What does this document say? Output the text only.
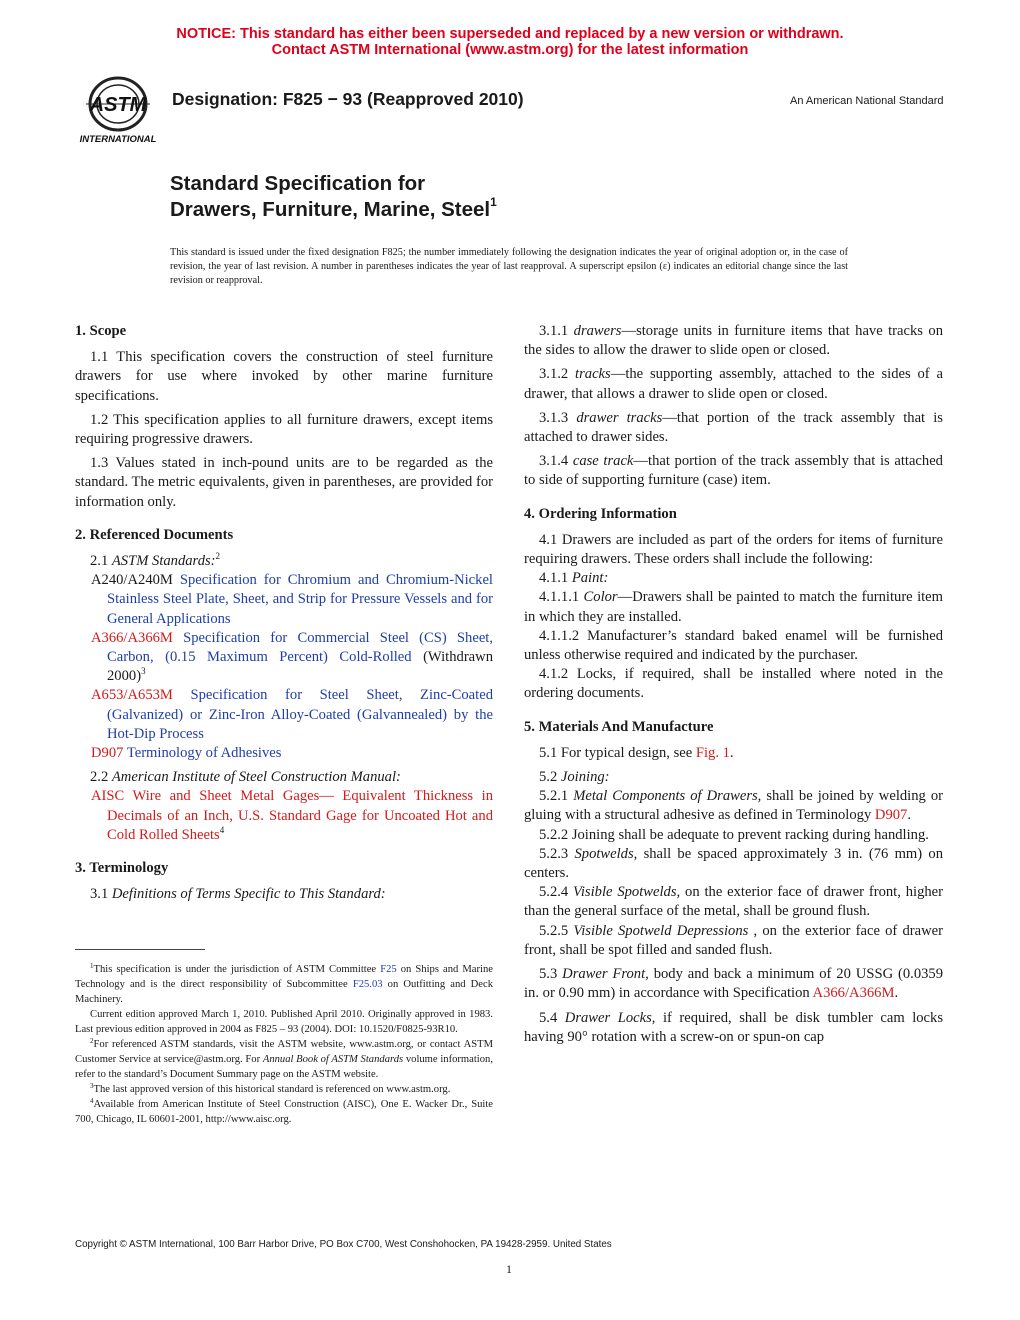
NOTICE: This standard has either been superseded and replaced by a new version or withdrawn.
Contact ASTM International (www.astm.org) for the latest information
ASTM
INTERNATIONAL
Designation: F825 − 93 (Reapproved 2010)	An American National Standard
Standard Specification for
Drawers, Furniture, Marine, Steel$^1$
This standard is issued under the fixed designation F825; the number immediately following the designation indicates the year of original adoption or, in the case of revision, the year of last revision. A number in parentheses indicates the year of last reapproval. A superscript epsilon (ε) indicates an editorial change since the last revision or reapproval.
1. Scope

1.1 This specification covers the construction of steel furniture drawers for use where invoked by other marine furniture specifications.

1.2 This specification applies to all furniture drawers, except items requiring progressive drawers.

1.3 Values stated in inch-pound units are to be regarded as the standard. The metric equivalents, given in parentheses, are provided for information only.

2. Referenced Documents

2.1 ASTM Standards:$^2$

A240/A240M Specification for Chromium and Chromium-Nickel Stainless Steel Plate, Sheet, and Strip for Pressure Vessels and for General Applications
A366/A366M Specification for Commercial Steel (CS) Sheet, Carbon, (0.15 Maximum Percent) Cold-Rolled (Withdrawn 2000)$^3$
A653/A653M Specification for Steel Sheet, Zinc-Coated (Galvanized) or Zinc-Iron Alloy-Coated (Galvannealed) by the Hot-Dip Process
D907 Terminology of Adhesives

2.2 American Institute of Steel Construction Manual:

AISC Wire and Sheet Metal Gages— Equivalent Thickness in Decimals of an Inch, U.S. Standard Gage for Uncoated Hot and Cold Rolled Sheets$^4$
3. Terminology

3.1 Definitions of Terms Specific to This Standard:

$^1$This specification is under the jurisdiction of ASTM Committee F25 on Ships and Marine Technology and is the direct responsibility of Subcommittee F25.03 on Outfitting and Deck Machinery.

Current edition approved March 1, 2010. Published April 2010. Originally approved in 1983. Last previous edition approved in 2004 as F825 – 93 (2004). DOI: 10.1520/F0825-93R10.

$^2$For referenced ASTM standards, visit the ASTM website, www.astm.org, or contact ASTM Customer Service at service@astm.org. For Annual Book of ASTM Standards volume information, refer to the standard’s Document Summary page on the ASTM website.

$^3$The last approved version of this historical standard is referenced on www.astm.org.

$^4$Available from American Institute of Steel Construction (AISC), One E. Wacker Dr., Suite 700, Chicago, IL 60601-2001, http://www.aisc.org.

3.1.1 drawers—storage units in furniture items that have tracks on the sides to allow the drawer to slide open or closed.

3.1.2 tracks—the supporting assembly, attached to the sides of a drawer, that allows a drawer to slide open or closed.

3.1.3 drawer tracks—that portion of the track assembly that is attached to drawer sides.

3.1.4 case track—that portion of the track assembly that is attached to side of supporting furniture (case) item.

4. Ordering Information

4.1 Drawers are included as part of the orders for items of furniture requiring drawers. These orders shall include the following:

4.1.1 Paint:

4.1.1.1 Color—Drawers shall be painted to match the furniture item in which they are installed.

4.1.1.2 Manufacturer’s standard baked enamel will be furnished unless otherwise required and indicated by the purchaser.

4.1.2 Locks, if required, shall be installed where noted in the ordering documents.

5. Materials And Manufacture

5.1 For typical design, see Fig. 1.

5.2 Joining:

5.2.1 Metal Components of Drawers, shall be joined by welding or gluing with a structural adhesive as defined in Terminology D907.

5.2.2 Joining shall be adequate to prevent racking during handling.

5.2.3 Spotwelds, shall be spaced approximately 3 in. (76 mm) on centers.

5.2.4 Visible Spotwelds, on the exterior face of drawer front, higher than the general surface of the metal, shall be ground flush.

5.2.5 Visible Spotweld Depressions , on the exterior face of drawer front, shall be spot filled and sanded flush.

5.3 Drawer Front, body and back a minimum of 20 USSG (0.0359 in. or 0.90 mm) in accordance with Specification A366/A366M.

5.4 Drawer Locks, if required, shall be disk tumbler cam locks having 90° rotation with a screw-on or spun-on cap

Copyright © ASTM International, 100 Barr Harbor Drive, PO Box C700, West Conshohocken, PA 19428-2959. United States
1
